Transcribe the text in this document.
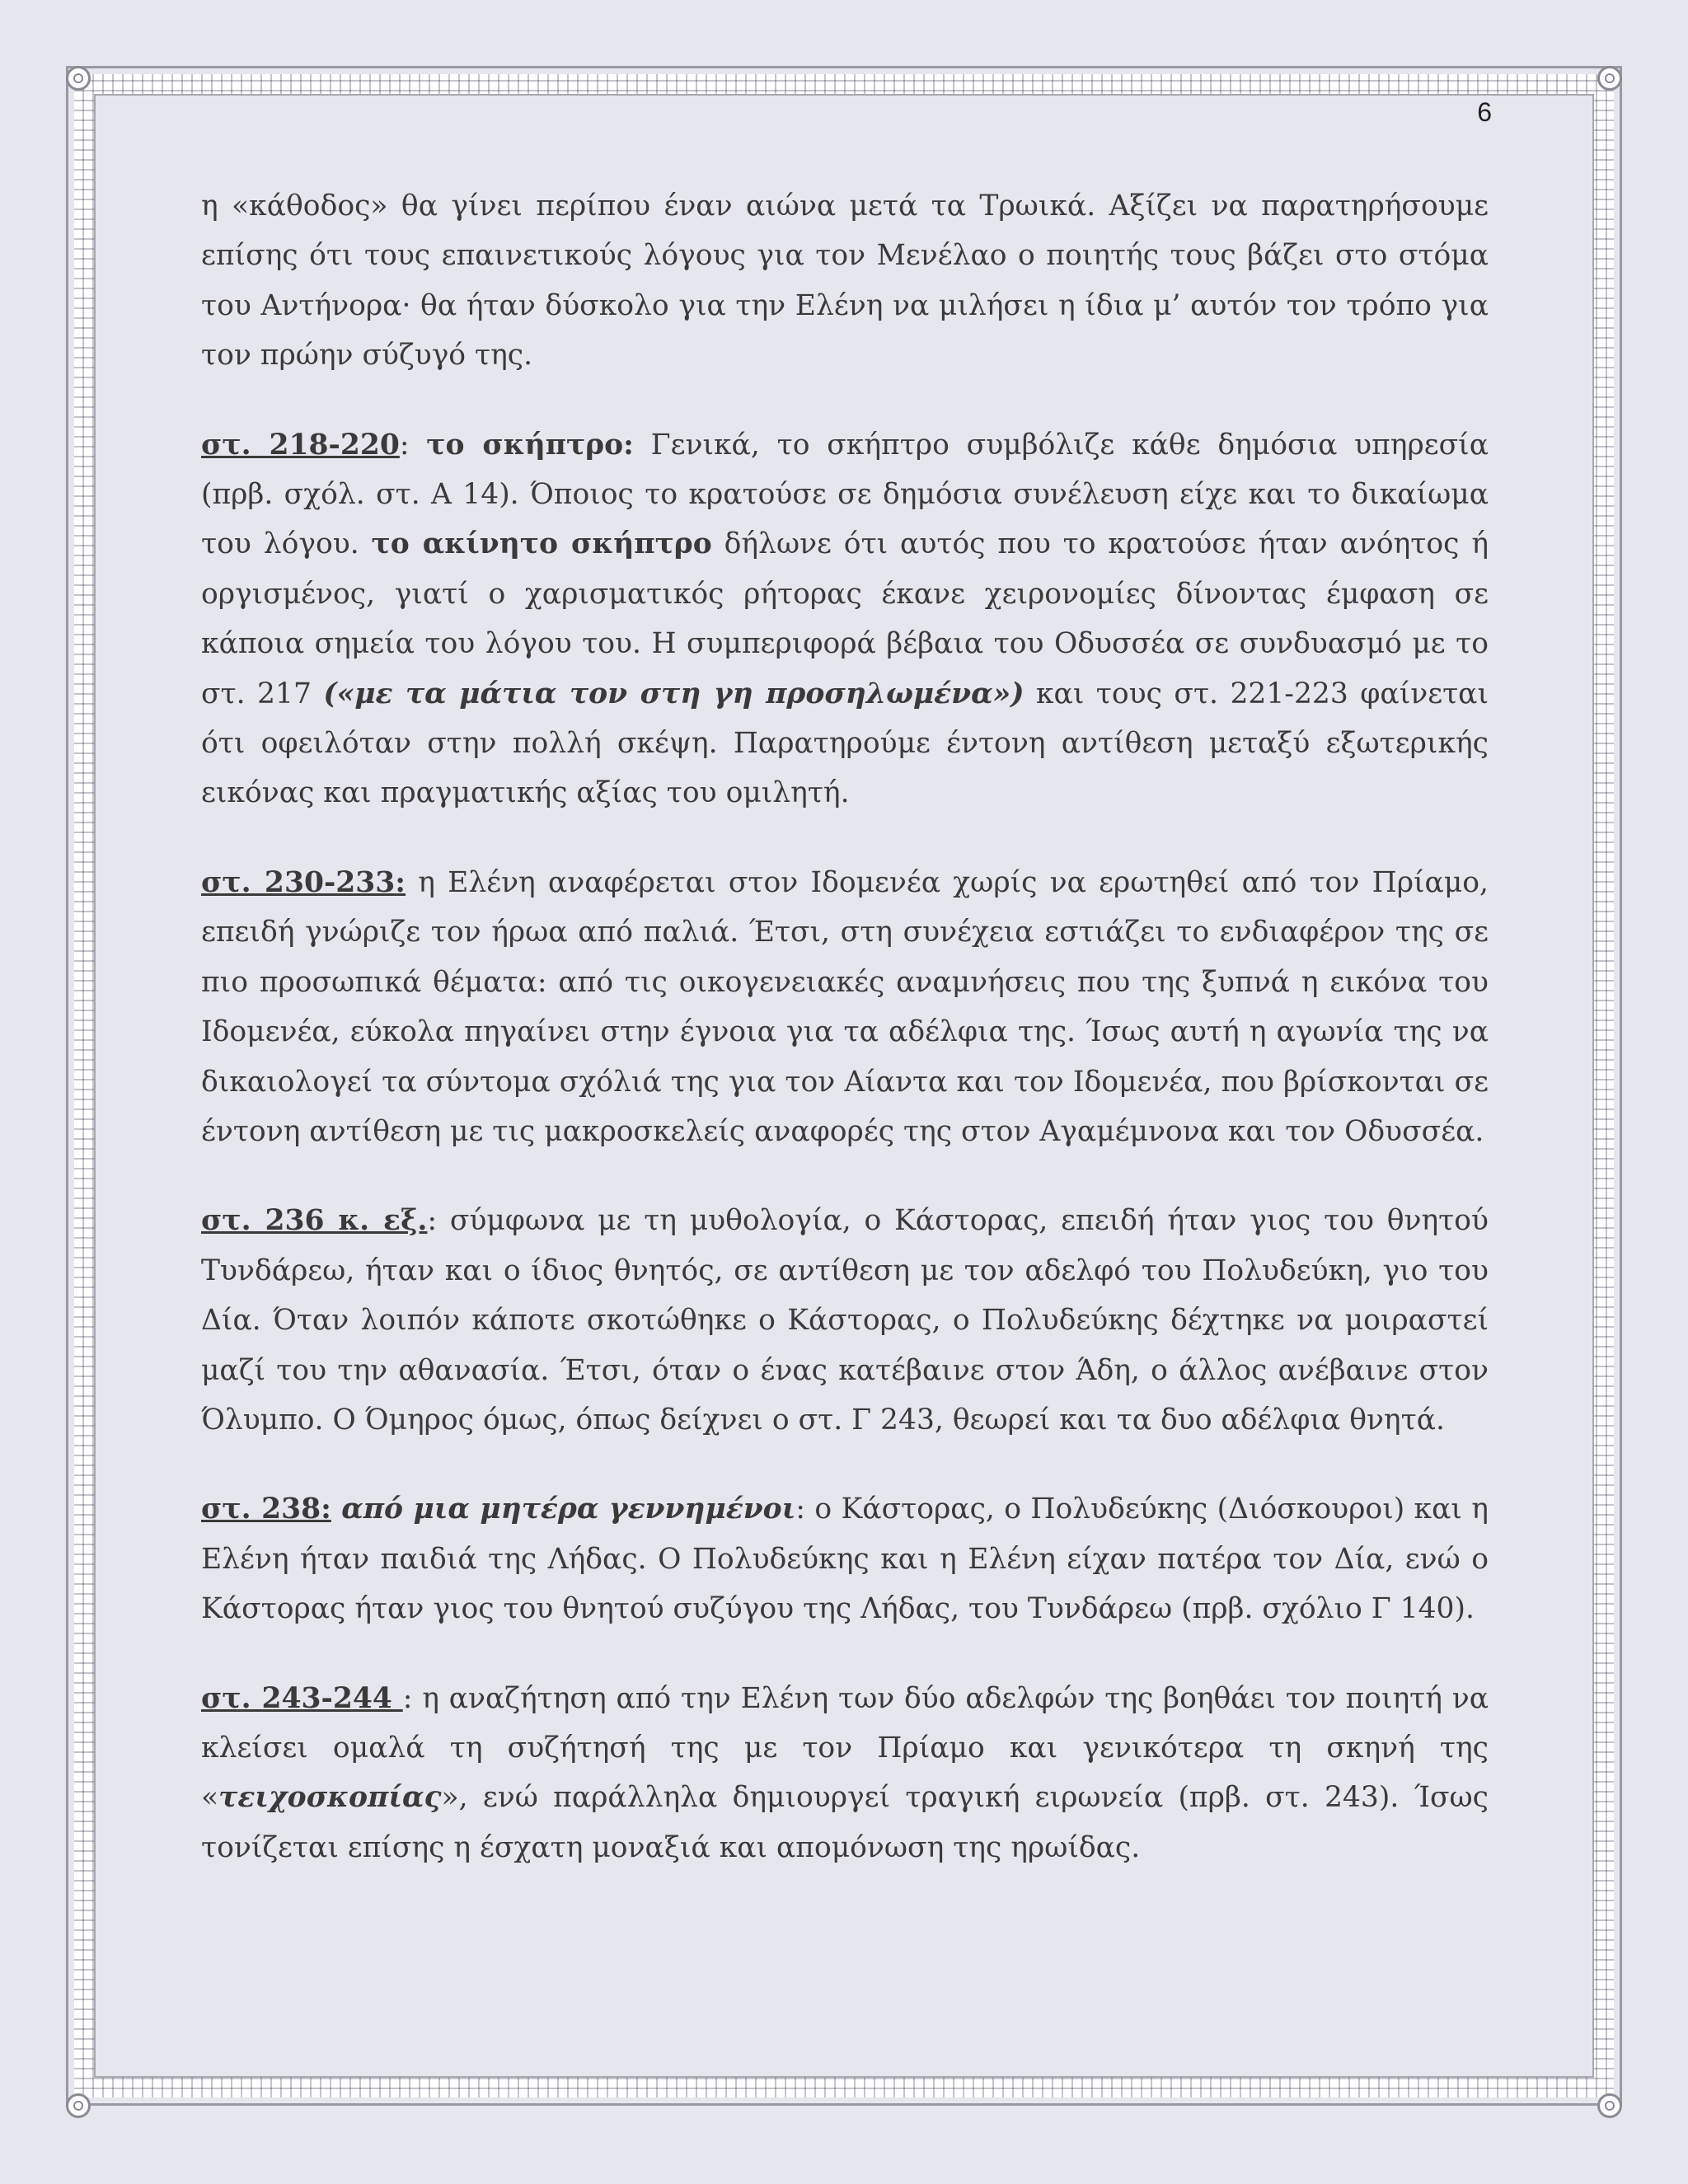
6

η «κάθοδος» θα γίνει περίπου έναν αιώνα μετά τα Τρωικά. Αξίζει να παρατηρήσουμε επίσης ότι τους επαινετικούς λόγους για τον Μενέλαο ο ποιητής τους βάζει στο στόμα του Αντήνορα· θα ήταν δύσκολο για την Ελένη να μιλήσει η ίδια μ’ αυτόν τον τρόπο για τον πρώην σύζυγό της.

στ. 218-220: το σκήπτρο: Γενικά, το σκήπτρο συμβόλιζε κάθε δημόσια υπηρεσία (πρβ. σχόλ. στ. Α 14). Όποιος το κρατούσε σε δημόσια συνέλευση είχε και το δικαίωμα του λόγου. το ακίνητο σκήπτρο δήλωνε ότι αυτός που το κρατούσε ήταν ανόητος ή οργισμένος, γιατί ο χαρισματικός ρήτορας έκανε χειρονομίες δίνοντας έμφαση σε κάποια σημεία του λόγου του. Η συμπεριφορά βέβαια του Οδυσσέα σε συνδυασμό με το στ. 217 («με τα μάτια τον στη γη προσηλωμένα») και τους στ. 221-223 φαίνεται ότι οφειλόταν στην πολλή σκέψη. Παρατηρούμε έντονη αντίθεση μεταξύ εξωτερικής εικόνας και πραγματικής αξίας του ομιλητή.

στ. 230-233: η Ελένη αναφέρεται στον Ιδομενέα χωρίς να ερωτηθεί από τον Πρίαμο, επειδή γνώριζε τον ήρωα από παλιά. Έτσι, στη συνέχεια εστιάζει το ενδιαφέρον της σε πιο προσωπικά θέματα: από τις οικογενειακές αναμνήσεις που της ξυπνά η εικόνα του Ιδομενέα, εύκολα πηγαίνει στην έγνοια για τα αδέλφια της. Ίσως αυτή η αγωνία της να δικαιολογεί τα σύντομα σχόλιά της για τον Αίαντα και τον Ιδομενέα, που βρίσκονται σε έντονη αντίθεση με τις μακροσκελείς αναφορές της στον Αγαμέμνονα και τον Οδυσσέα.

στ. 236 κ. εξ.: σύμφωνα με τη μυθολογία, ο Κάστορας, επειδή ήταν γιος του θνητού Τυνδάρεω, ήταν και ο ίδιος θνητός, σε αντίθεση με τον αδελφό του Πολυδεύκη, γιο του Δία. Όταν λοιπόν κάποτε σκοτώθηκε ο Κάστορας, ο Πολυδεύκης δέχτηκε να μοιραστεί μαζί του την αθανασία. Έτσι, όταν ο ένας κατέβαινε στον Άδη, ο άλλος ανέβαινε στον Όλυμπο. Ο Όμηρος όμως, όπως δείχνει ο στ. Γ 243, θεωρεί και τα δυο αδέλφια θνητά.

στ. 238: από μια μητέρα γεννημένοι: ο Κάστορας, ο Πολυδεύκης (Διόσκουροι) και η Ελένη ήταν παιδιά της Λήδας. Ο Πολυδεύκης και η Ελένη είχαν πατέρα τον Δία, ενώ ο Κάστορας ήταν γιος του θνητού συζύγου της Λήδας, του Τυνδάρεω (πρβ. σχόλιο Γ 140).

στ. 243-244 : η αναζήτηση από την Ελένη των δύο αδελφών της βοηθάει τον ποιητή να κλείσει ομαλά τη συζήτησή της με τον Πρίαμο και γενικότερα τη σκηνή της «τειχοσκοπίας», ενώ παράλληλα δημιουργεί τραγική ειρωνεία (πρβ. στ. 243). Ίσως τονίζεται επίσης η έσχατη μοναξιά και απομόνωση της ηρωίδας.
